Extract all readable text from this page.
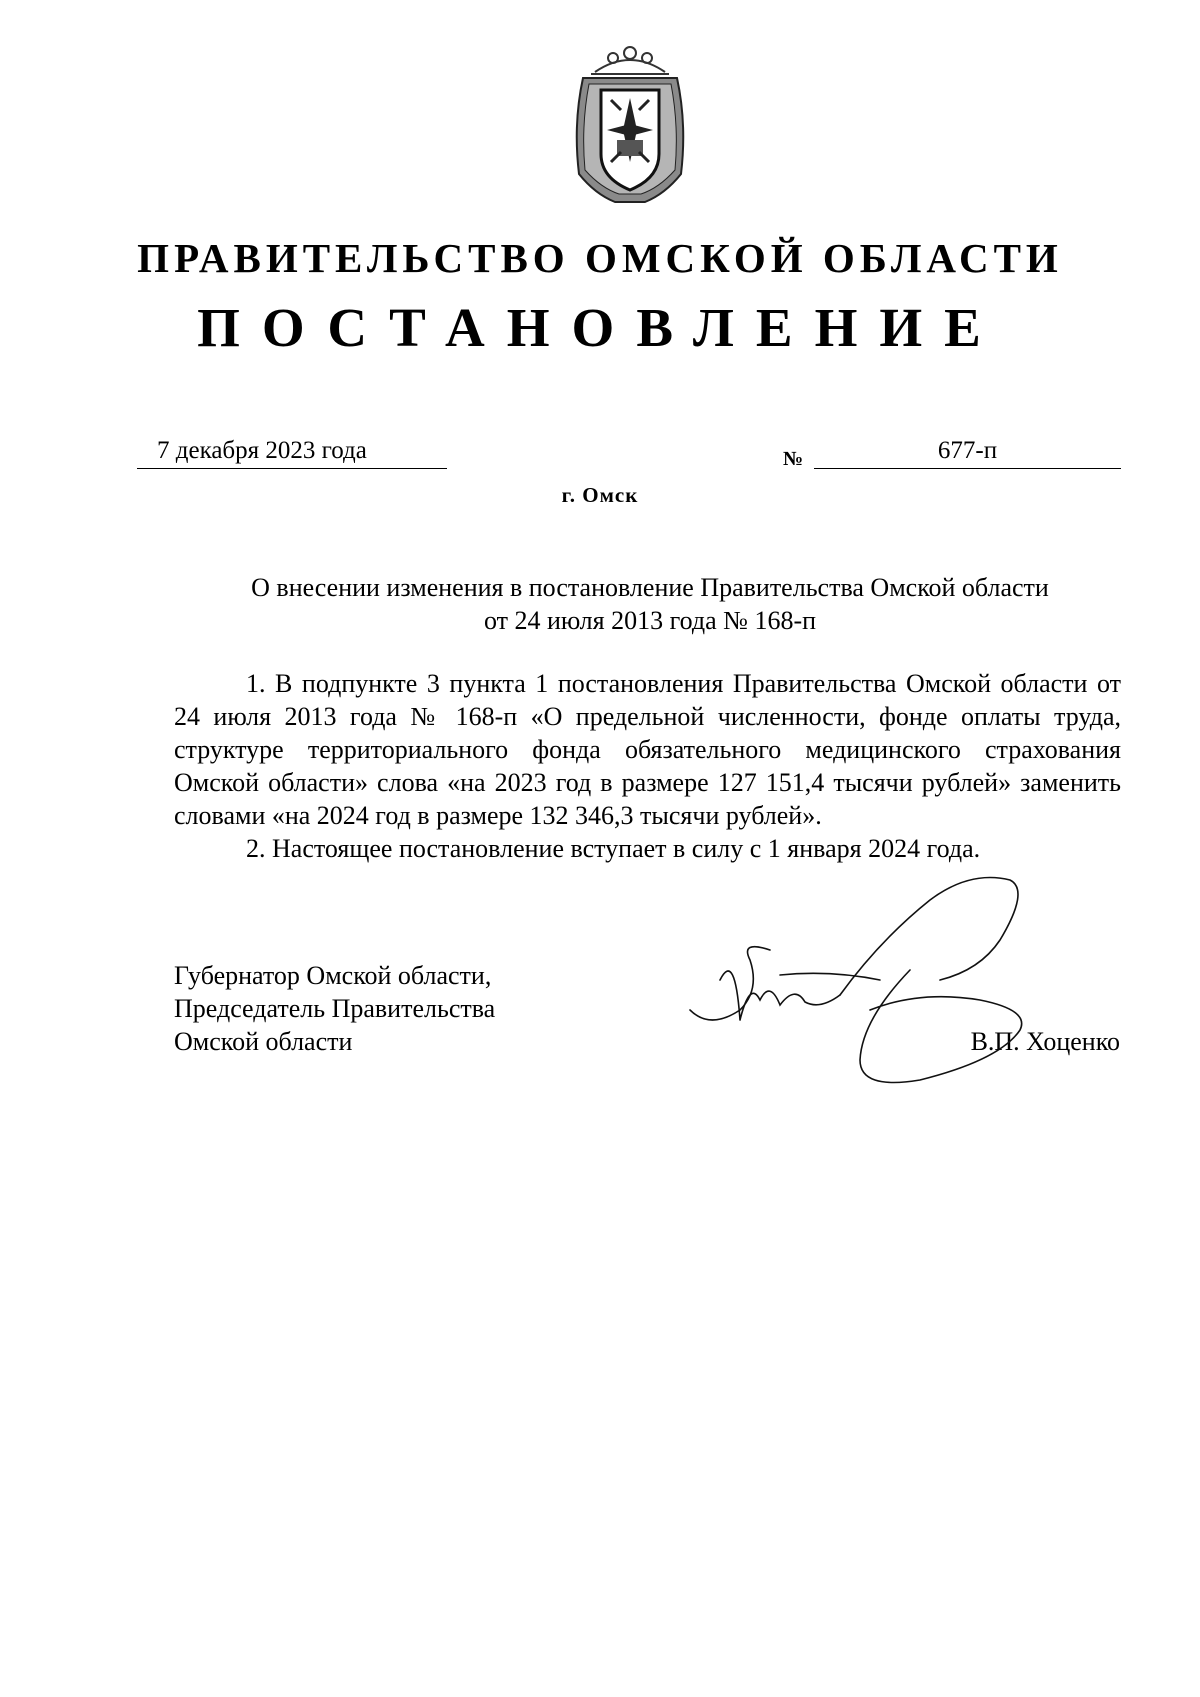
ПРАВИТЕЛЬСТВО ОМСКОЙ ОБЛАСТИ
ПОСТАНОВЛЕНИЕ
7 декабря 2023 года	№	677-п
г. Омск
О внесении изменения в постановление Правительства Омской области
от 24 июля 2013 года № 168-п

1. В подпункте 3 пункта 1 постановления Правительства Омской области от 24 июля 2013 года № 168-п «О предельной численности, фонде оплаты труда, структуре территориального фонда обязательного медицинского страхования Омской области» слова «на 2023 год в размере 127 151,4 тысячи рублей» заменить словами «на 2024 год в размере 132 346,3 тысячи рублей».

2. Настоящее постановление вступает в силу с 1 января 2024 года.

Губернатор Омской области,
Председатель Правительства
Омской области	В.П. Хоценко
